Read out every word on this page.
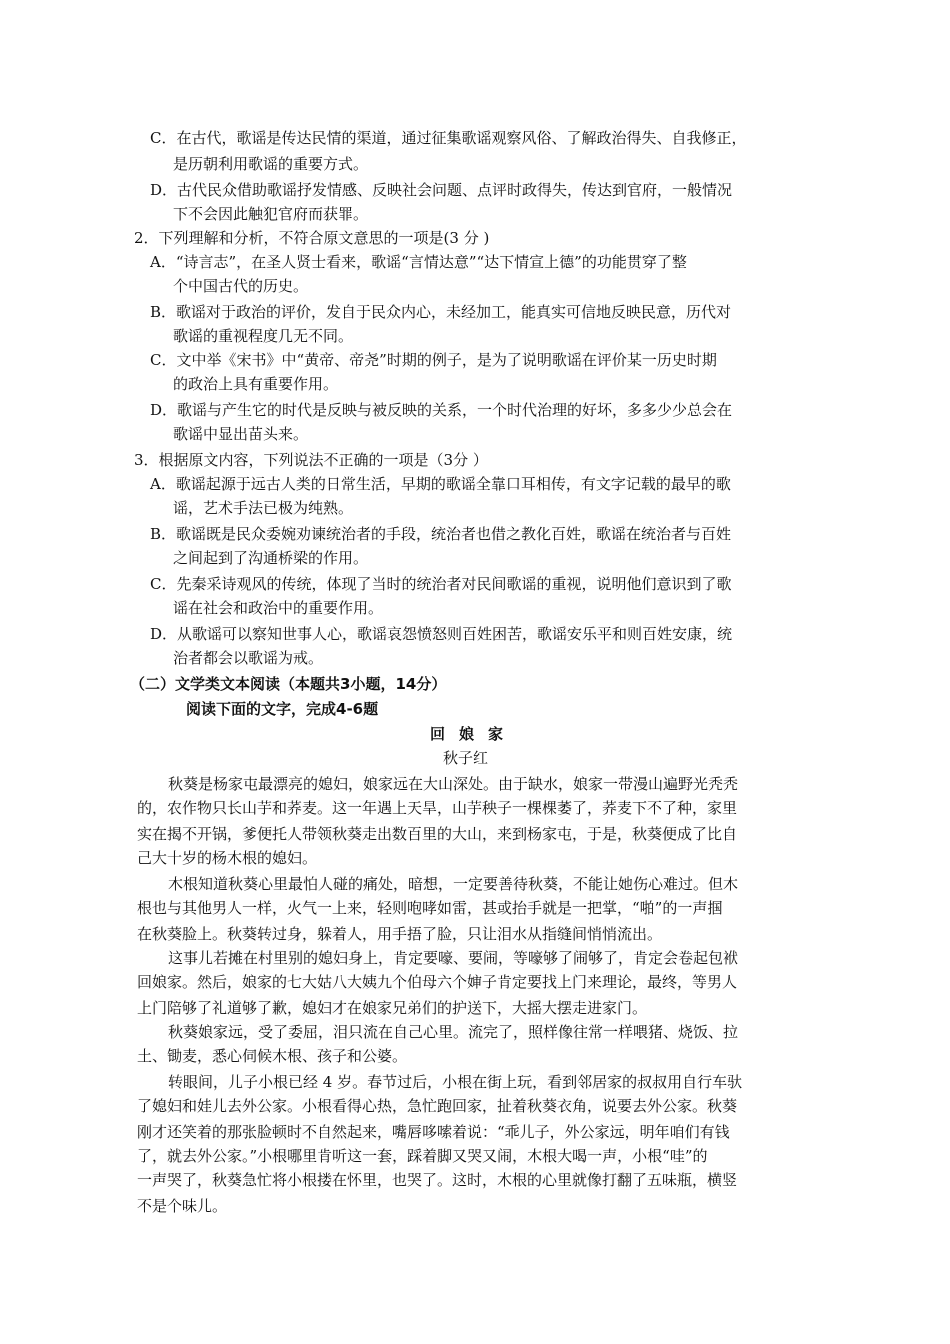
C．在古代，歌谣是传达民情的渠道，通过征集歌谣观察风俗、了解政治得失、自我修正，
是历朝利用歌谣的重要方式。
D．古代民众借助歌谣抒发情感、反映社会问题、点评时政得失，传达到官府，一般情况
下不会因此触犯官府而获罪。
2．下列理解和分析，不符合原文意思的一项是(3 分 )
A．“诗言志”，在圣人贤士看来，歌谣“言情达意”“达下情宣上德”的功能贯穿了整
个中国古代的历史。
B．歌谣对于政治的评价，发自于民众内心，未经加工，能真实可信地反映民意，历代对
歌谣的重视程度几无不同。
C．文中举《宋书》中“黄帝、帝尧”时期的例子，是为了说明歌谣在评价某一历史时期
的政治上具有重要作用。
D．歌谣与产生它的时代是反映与被反映的关系，一个时代治理的好坏，多多少少总会在
歌谣中显出苗头来。
3．根据原文内容，下列说法不正确的一项是（3分 ）
A．歌谣起源于远古人类的日常生活，早期的歌谣全靠口耳相传，有文字记载的最早的歌
谣，艺术手法已极为纯熟。
B．歌谣既是民众委婉劝谏统治者的手段，统治者也借之教化百姓，歌谣在统治者与百姓
之间起到了沟通桥梁的作用。
C．先秦采诗观风的传统，体现了当时的统治者对民间歌谣的重视，说明他们意识到了歌
谣在社会和政治中的重要作用。
D．从歌谣可以察知世事人心，歌谣哀怨愤怒则百姓困苦，歌谣安乐平和则百姓安康，统
治者都会以歌谣为戒。
（二）文学类文本阅读（本题共3小题，14分）
阅读下面的文字，完成4-6题
回娘家
秋子红
秋葵是杨家屯最漂亮的媳妇，娘家远在大山深处。由于缺水，娘家一带漫山遍野光秃秃
的，农作物只长山芋和荞麦。这一年遇上天旱，山芋秧子一棵棵萎了，荞麦下不了种，家里
实在揭不开锅，爹便托人带领秋葵走出数百里的大山，来到杨家屯，于是，秋葵便成了比自
己大十岁的杨木根的媳妇。
木根知道秋葵心里最怕人碰的痛处，暗想，一定要善待秋葵，不能让她伤心难过。但木
根也与其他男人一样，火气一上来，轻则咆哮如雷，甚或抬手就是一把掌，“啪”的一声掴
在秋葵脸上。秋葵转过身，躲着人，用手捂了脸，只让泪水从指缝间悄悄流出。
这事儿若摊在村里别的媳妇身上，肯定要嚎、要闹，等嚎够了闹够了，肯定会卷起包袱
回娘家。然后，娘家的七大姑八大姨九个伯母六个婶子肯定要找上门来理论，最终，等男人
上门陪够了礼道够了歉，媳妇才在娘家兄弟们的护送下，大摇大摆走进家门。
秋葵娘家远，受了委屈，泪只流在自己心里。流完了，照样像往常一样喂猪、烧饭、拉
土、锄麦，悉心伺候木根、孩子和公婆。
转眼间，儿子小根已经 4 岁。春节过后，小根在街上玩，看到邻居家的叔叔用自行车驮
了媳妇和娃儿去外公家。小根看得心热，急忙跑回家，扯着秋葵衣角，说要去外公家。秋葵
刚才还笑着的那张脸顿时不自然起来，嘴唇哆嗦着说：“乖儿子，外公家远，明年咱们有钱
了，就去外公家。”小根哪里肯听这一套，踩着脚又哭又闹，木根大喝一声，小根“哇”的
一声哭了，秋葵急忙将小根搂在怀里，也哭了。这时，木根的心里就像打翻了五味瓶，横竖
不是个味儿。
